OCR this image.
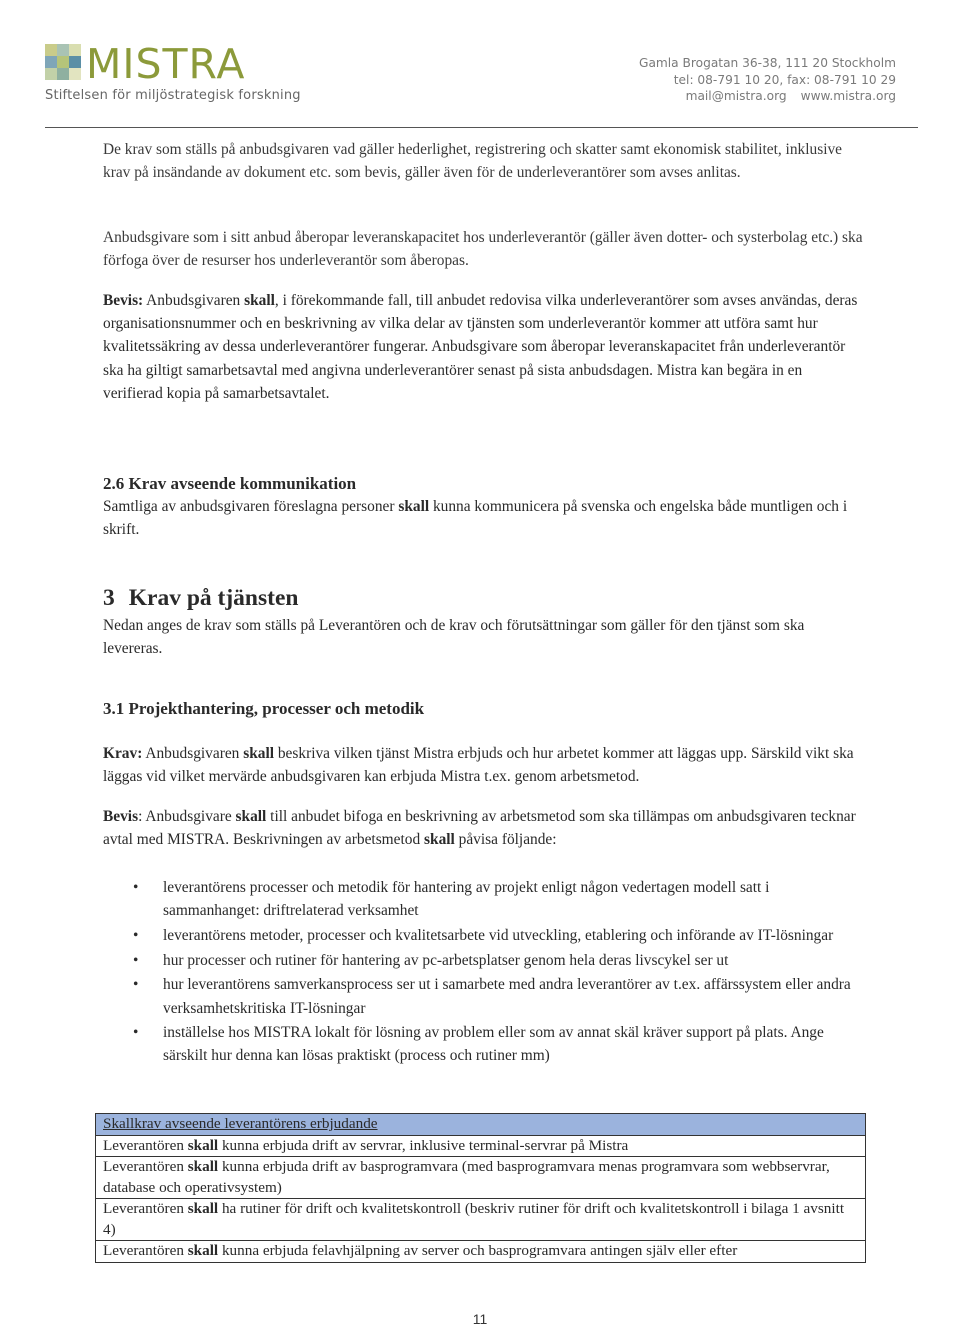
MISTRA
Stiftelsen för miljöstrategisk forskning
Gamla Brogatan 36-38, 111 20 Stockholm
tel: 08-791 10 20, fax: 08-791 10 29
mail@mistra.org www.mistra.org

De krav som ställs på anbudsgivaren vad gäller hederlighet, registrering och skatter samt ekonomisk stabilitet, inklusive krav på insändande av dokument etc. som bevis, gäller även för de underleverantörer som avses anlitas.

Anbudsgivare som i sitt anbud åberopar leveranskapacitet hos underleverantör (gäller även dotter- och systerbolag etc.) ska förfoga över de resurser hos underleverantör som åberopas.

Bevis: Anbudsgivaren skall, i förekommande fall, till anbudet redovisa vilka underleverantörer som avses användas, deras organisationsnummer och en beskrivning av vilka delar av tjänsten som underleverantör kommer att utföra samt hur kvalitetssäkring av dessa underleverantörer fungerar. Anbudsgivare som åberopar leveranskapacitet från underleverantör ska ha giltigt samarbetsavtal med angivna underleverantörer senast på sista anbudsdagen. Mistra kan begära in en verifierad kopia på samarbetsavtalet.

2.6 Krav avseende kommunikation

Samtliga av anbudsgivaren föreslagna personer skall kunna kommunicera på svenska och engelska både muntligen och i skrift.

3 Krav på tjänsten

Nedan anges de krav som ställs på Leverantören och de krav och förutsättningar som gäller för den tjänst som ska levereras.

3.1 Projekthantering, processer och metodik

Krav: Anbudsgivaren skall beskriva vilken tjänst Mistra erbjuds och hur arbetet kommer att läggas upp. Särskild vikt ska läggas vid vilket mervärde anbudsgivaren kan erbjuda Mistra t.ex. genom arbetsmetod.

Bevis: Anbudsgivare skall till anbudet bifoga en beskrivning av arbetsmetod som ska tillämpas om anbudsgivaren tecknar avtal med MISTRA. Beskrivningen av arbetsmetod skall påvisa följande:

• leverantörens processer och metodik för hantering av projekt enligt någon vedertagen modell satt i sammanhanget: driftrelaterad verksamhet
• leverantörens metoder, processer och kvalitetsarbete vid utveckling, etablering och införande av IT-lösningar
• hur processer och rutiner för hantering av pc-arbetsplatser genom hela deras livscykel ser ut
• hur leverantörens samverkansprocess ser ut i samarbete med andra leverantörer av t.ex. affärssystem eller andra verksamhetskritiska IT-lösningar
• inställelse hos MISTRA lokalt för lösning av problem eller som av annat skäl kräver support på plats. Ange särskilt hur denna kan lösas praktiskt (process och rutiner mm)
Skallkrav avseende leverantörens erbjudande
Leverantören skall kunna erbjuda drift av servrar, inklusive terminal-servrar på Mistra
Leverantören skall kunna erbjuda drift av basprogramvara (med basprogramvara menas programvara som webbservrar, database och operativsystem)
Leverantören skall ha rutiner för drift och kvalitetskontroll (beskriv rutiner för drift och kvalitetskontroll i bilaga 1 avsnitt 4)
Leverantören skall kunna erbjuda felavhjälpning av server och basprogramvara antingen själv eller efter
11
